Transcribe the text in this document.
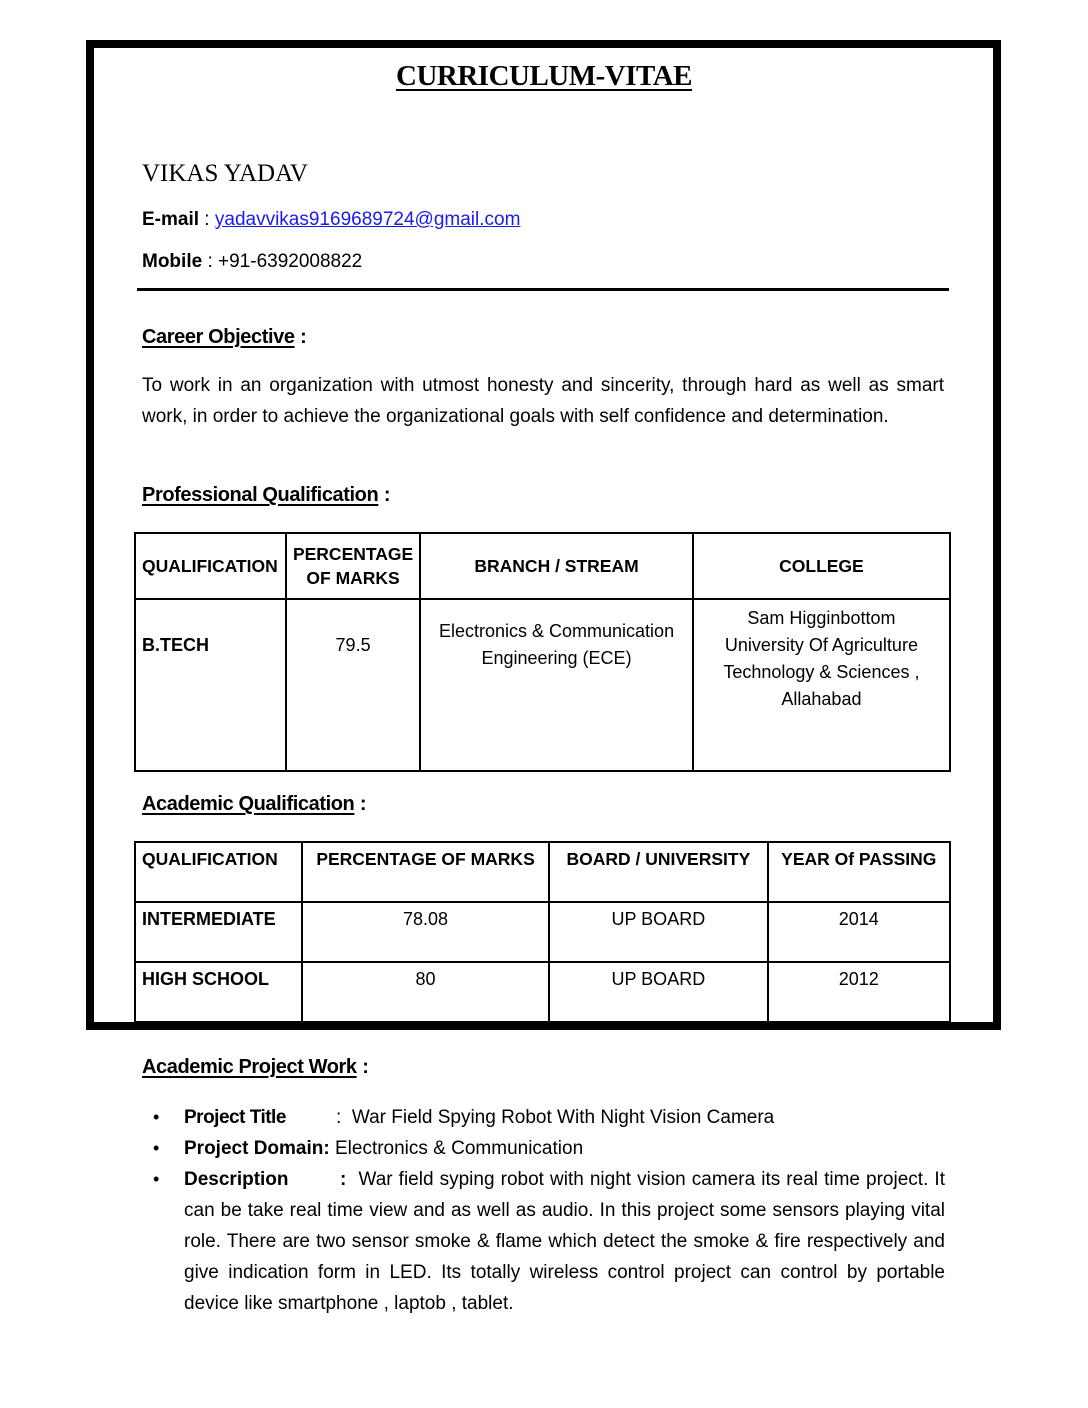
CURRICULUM-VITAE
VIKAS YADAV
E-mail : yadavvikas9169689724@gmail.com
Mobile : +91-6392008822
Career Objective :
To work in an organization with utmost honesty and sincerity, through hard as well as smart work, in order to achieve the organizational goals with self confidence and determination.
Professional Qualification :
QUALIFICATION	PERCENTAGE OF MARKS	BRANCH / STREAM	COLLEGE
B.TECH	79.5	Electronics & Communication Engineering (ECE)	Sam Higginbottom University Of Agriculture Technology & Sciences , Allahabad
Academic Qualification :
QUALIFICATION	PERCENTAGE OF MARKS	BOARD / UNIVERSITY	YEAR Of PASSING
INTERMEDIATE	78.08	UP BOARD	2014
HIGH SCHOOL	80	UP BOARD	2012
Academic Project Work :
• Project Title	: War Field Spying Robot With Night Vision Camera
• Project Domain: Electronics & Communication
• Description	: War field syping robot with night vision camera its real time project. It can be take real time view and as well as audio. In this project some sensors playing vital role. There are two sensor smoke & flame which detect the smoke & fire respectively and give indication form in LED. Its totally wireless control project can control by portable device like smartphone , laptob , tablet.
